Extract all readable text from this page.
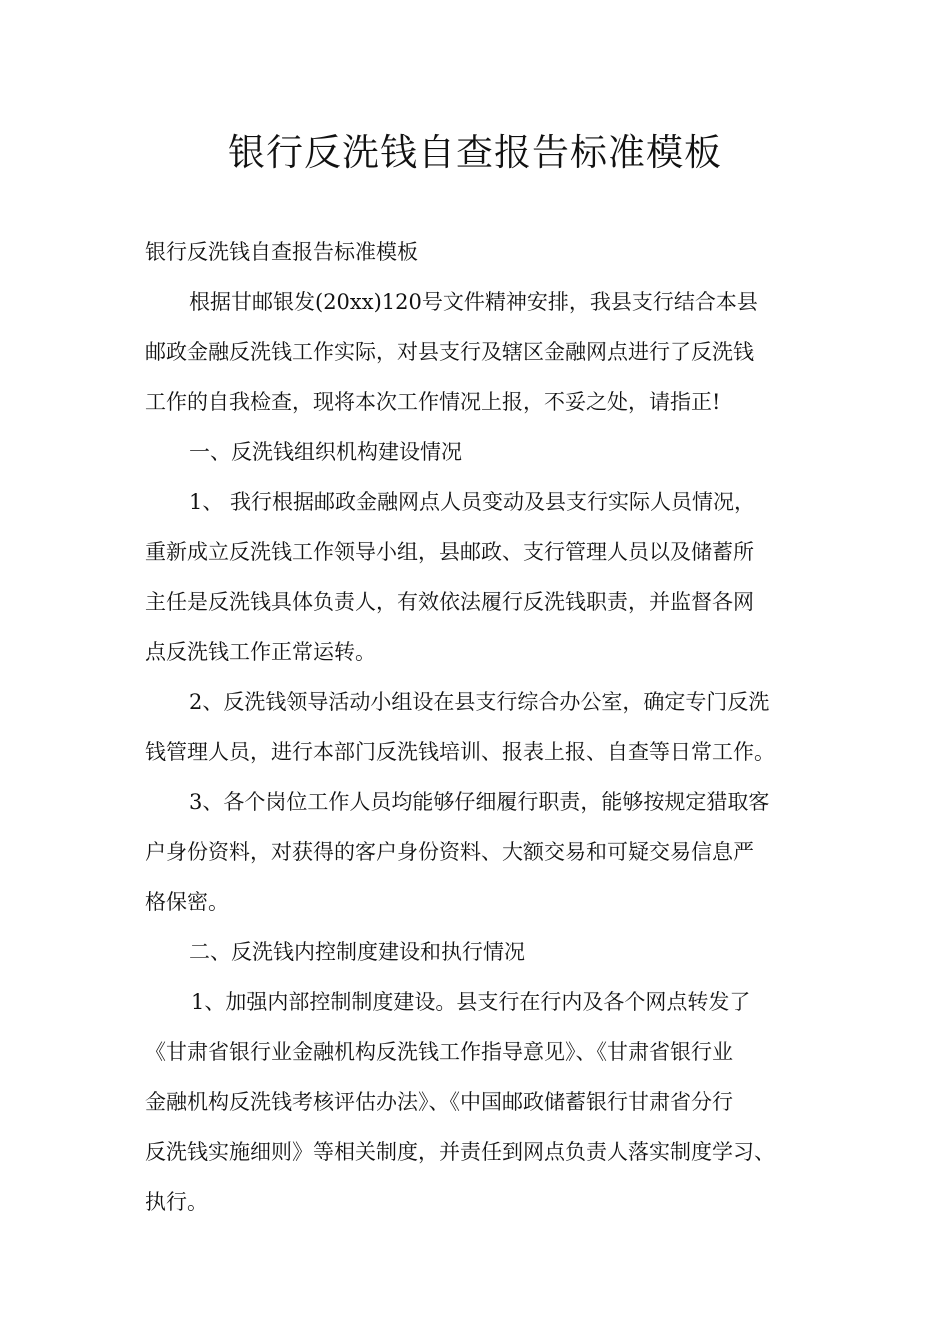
银行反洗钱自查报告标准模板
银行反洗钱自查报告标准模板
根据甘邮银发(20xx)120号文件精神安排，我县支行结合本县
邮政金融反洗钱工作实际，对县支行及辖区金融网点进行了反洗钱
工作的自我检查，现将本次工作情况上报，不妥之处，请指正!
一、反洗钱组织机构建设情况
1、 我行根据邮政金融网点人员变动及县支行实际人员情况，
重新成立反洗钱工作领导小组，县邮政、支行管理人员以及储蓄所
主任是反洗钱具体负责人，有效依法履行反洗钱职责，并监督各网
点反洗钱工作正常运转。
2、反洗钱领导活动小组设在县支行综合办公室，确定专门反洗
钱管理人员，进行本部门反洗钱培训、报表上报、自查等日常工作。
3、各个岗位工作人员均能够仔细履行职责，能够按规定猎取客
户身份资料，对获得的客户身份资料、大额交易和可疑交易信息严
格保密。
二、反洗钱内控制度建设和执行情况
1、加强内部控制制度建设。县支行在行内及各个网点转发了
《甘肃省银行业金融机构反洗钱工作指导意见》、《甘肃省银行业
金融机构反洗钱考核评估办法》、《中国邮政储蓄银行甘肃省分行
反洗钱实施细则》等相关制度，并责任到网点负责人落实制度学习、
执行。
